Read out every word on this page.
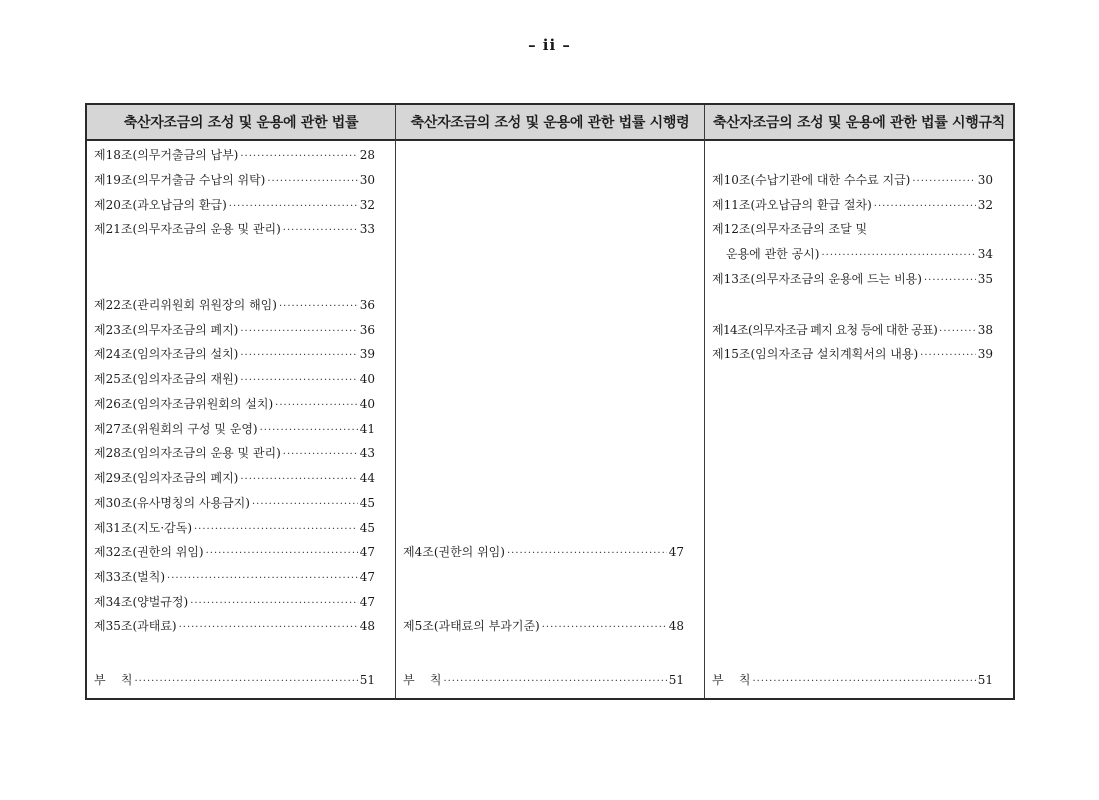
– ii –
축산자조금의 조성 및 운용에 관한 법률
제18조(의무거출금의 납부) ·····	28
제19조(의무거출금 수납의 위탁) ·····	30
제20조(과오납금의 환급) ·····	32
제21조(의무자조금의 운용 및 관리) ·····	33
제22조(관리위원회 위원장의 해임) ·····	36
제23조(의무자조금의 폐지) ·····	36
제24조(임의자조금의 설치) ·····	39
제25조(임의자조금의 재원) ·····	40
제26조(임의자조금위원회의 설치) ·····	40
제27조(위원회의 구성 및 운영) ·····	41
제28조(임의자조금의 운용 및 관리) ·····	43
제29조(임의자조금의 폐지) ·····	44
제30조(유사명칭의 사용금지) ·····	45
제31조(지도·감독) ·····	45
제32조(권한의 위임) ·····	47
제33조(벌칙) ·····	47
제34조(양벌규정) ·····	47
제35조(과태료) ·····	48
부    칙 ·····	51
축산자조금의 조성 및 운용에 관한 법률 시행령
제4조(권한의 위임) ·····	47
제5조(과태료의 부과기준) ·····	48
부    칙 ·····	51
축산자조금의 조성 및 운용에 관한 법률 시행규칙
제10조(수납기관에 대한 수수료 지급) ·····	30
제11조(과오납금의 환급 절차) ·····	32
제12조(의무자조금의 조달 및
운용에 관한 공시) ·····	34
제13조(의무자조금의 운용에 드는 비용) ·····	35
제14조(의무자조금 폐지 요청 등에 대한 공표) ·····	38
제15조(임의자조금 설치계획서의 내용) ·····	39
부    칙 ·····	51
